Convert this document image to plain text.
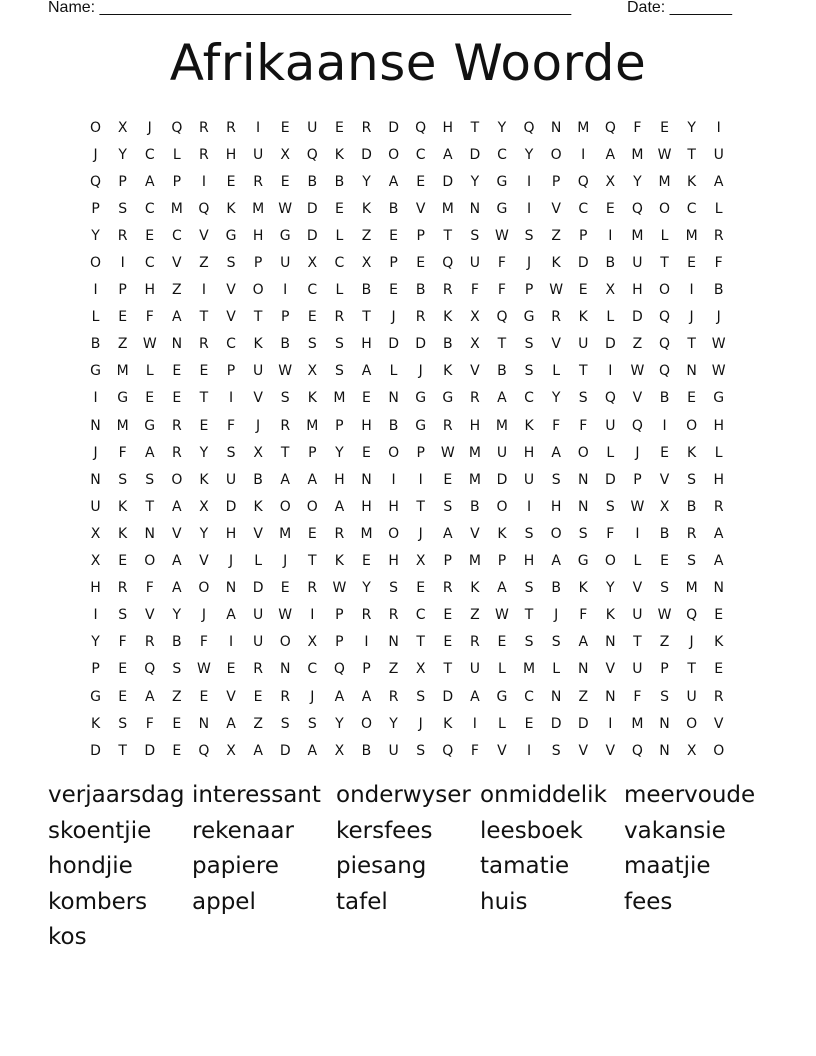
Name: _____________________________________________________	Date: _______
Afrikaanse Woorde
O	X	J	Q	R	R	I	E	U	E	R	D	Q	H	T	Y	Q	N	M	Q	F	E	Y	I
J	Y	C	L	R	H	U	X	Q	K	D	O	C	A	D	C	Y	O	I	A	M	W	T	U
Q	P	A	P	I	E	R	E	B	B	Y	A	E	D	Y	G	I	P	Q	X	Y	M	K	A
P	S	C	M	Q	K	M	W	D	E	K	B	V	M	N	G	I	V	C	E	Q	O	C	L
Y	R	E	C	V	G	H	G	D	L	Z	E	P	T	S	W	S	Z	P	I	M	L	M	R
O	I	C	V	Z	S	P	U	X	C	X	P	E	Q	U	F	J	K	D	B	U	T	E	F
I	P	H	Z	I	V	O	I	C	L	B	E	B	R	F	F	P	W	E	X	H	O	I	B
L	E	F	A	T	V	T	P	E	R	T	J	R	K	X	Q	G	R	K	L	D	Q	J	J
B	Z	W	N	R	C	K	B	S	S	H	D	D	B	X	T	S	V	U	D	Z	Q	T	W
G	M	L	E	E	P	U	W	X	S	A	L	J	K	V	B	S	L	T	I	W	Q	N	W
I	G	E	E	T	I	V	S	K	M	E	N	G	G	R	A	C	Y	S	Q	V	B	E	G
N	M	G	R	E	F	J	R	M	P	H	B	G	R	H	M	K	F	F	U	Q	I	O	H
J	F	A	R	Y	S	X	T	P	Y	E	O	P	W	M	U	H	A	O	L	J	E	K	L
N	S	S	O	K	U	B	A	A	H	N	I	I	E	M	D	U	S	N	D	P	V	S	H
U	K	T	A	X	D	K	O	O	A	H	H	T	S	B	O	I	H	N	S	W	X	B	R
X	K	N	V	Y	H	V	M	E	R	M	O	J	A	V	K	S	O	S	F	I	B	R	A
X	E	O	A	V	J	L	J	T	K	E	H	X	P	M	P	H	A	G	O	L	E	S	A
H	R	F	A	O	N	D	E	R	W	Y	S	E	R	K	A	S	B	K	Y	V	S	M	N
I	S	V	Y	J	A	U	W	I	P	R	R	C	E	Z	W	T	J	F	K	U	W	Q	E
Y	F	R	B	F	I	U	O	X	P	I	N	T	E	R	E	S	S	A	N	T	Z	J	K
P	E	Q	S	W	E	R	N	C	Q	P	Z	X	T	U	L	M	L	N	V	U	P	T	E
G	E	A	Z	E	V	E	R	J	A	A	R	S	D	A	G	C	N	Z	N	F	S	U	R
K	S	F	E	N	A	Z	S	S	Y	O	Y	J	K	I	L	E	D	D	I	M	N	O	V
D	T	D	E	Q	X	A	D	A	X	B	U	S	Q	F	V	I	S	V	V	Q	N	X	O
verjaarsdag interessant onderwyser onmiddelik meervoude
skoentjie	rekenaar	kersfees	leesboek	vakansie
hondjie	papiere	piesang	tamatie	maatjie
kombers	appel	tafel	huis	fees
kos
